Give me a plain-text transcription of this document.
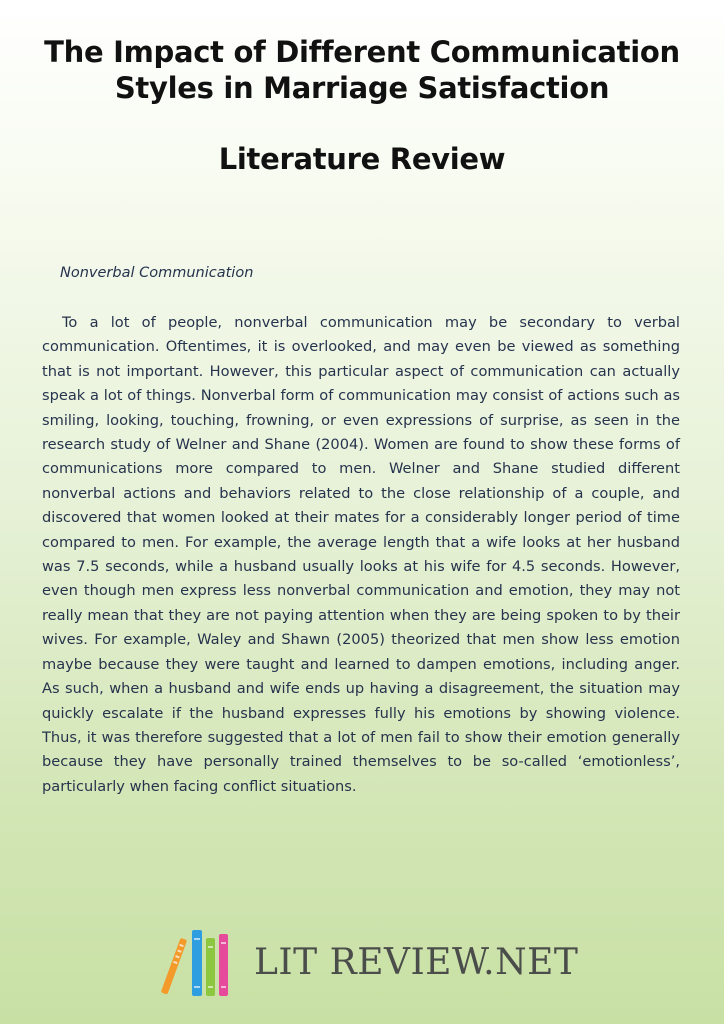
The Impact of Different Communication
Styles in Marriage Satisfaction
Literature Review
Nonverbal Communication

To a lot of people, nonverbal communication may be secondary to verbal communication. Oftentimes, it is overlooked, and may even be viewed as something that is not important. However, this particular aspect of communication can actually speak a lot of things. Nonverbal form of communication may consist of actions such as smiling, looking, touching, frowning, or even expressions of surprise, as seen in the research study of Welner and Shane (2004). Women are found to show these forms of communications more compared to men. Welner and Shane studied different nonverbal actions and behaviors related to the close relationship of a couple, and discovered that women looked at their mates for a considerably longer period of time compared to men. For example, the average length that a wife looks at her husband was 7.5 seconds, while a husband usually looks at his wife for 4.5 seconds. However, even though men express less nonverbal communication and emotion, they may not really mean that they are not paying attention when they are being spoken to by their wives. For example, Waley and Shawn (2005) theorized that men show less emotion maybe because they were taught and learned to dampen emotions, including anger. As such, when a husband and wife ends up having a disagreement, the situation may quickly escalate if the husband expresses fully his emotions by showing violence. Thus, it was therefore suggested that a lot of men fail to show their emotion generally because they have personally trained themselves to be so-called ‘emotionless’, particularly when facing conflict situations.

LIT REVIEW.NET
